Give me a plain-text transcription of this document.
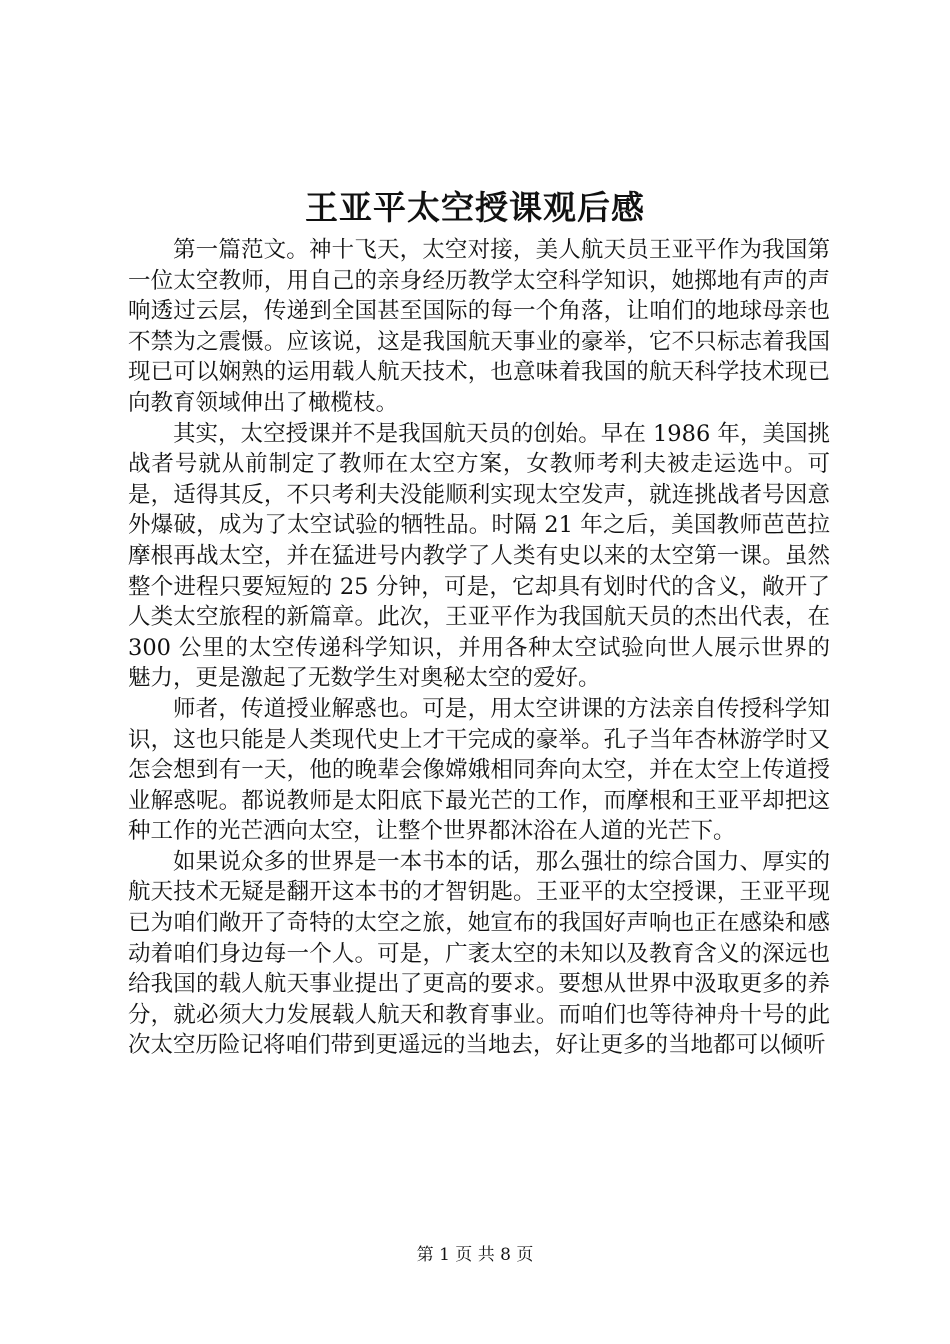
王亚平太空授课观后感

第一篇范文。神十飞天，太空对接，美人航天员王亚平作为我国第一位太空教师，用自己的亲身经历教学太空科学知识，她掷地有声的声响透过云层，传递到全国甚至国际的每一个角落，让咱们的地球母亲也不禁为之震慑。应该说，这是我国航天事业的豪举，它不只标志着我国现已可以娴熟的运用载人航天技术，也意味着我国的航天科学技术现已向教育领域伸出了橄榄枝。

其实，太空授课并不是我国航天员的创始。早在 1986 年，美国挑战者号就从前制定了教师在太空方案，女教师考利夫被走运选中。可是，适得其反，不只考利夫没能顺利实现太空发声，就连挑战者号因意外爆破，成为了太空试验的牺牲品。时隔 21 年之后，美国教师芭芭拉摩根再战太空，并在猛进号内教学了人类有史以来的太空第一课。虽然整个进程只要短短的 25 分钟，可是，它却具有划时代的含义，敞开了人类太空旅程的新篇章。此次，王亚平作为我国航天员的杰出代表，在 300 公里的太空传递科学知识，并用各种太空试验向世人展示世界的魅力，更是激起了无数学生对奥秘太空的爱好。

师者，传道授业解惑也。可是，用太空讲课的方法亲自传授科学知识，这也只能是人类现代史上才干完成的豪举。孔子当年杏林游学时又怎会想到有一天，他的晚辈会像嫦娥相同奔向太空，并在太空上传道授业解惑呢。都说教师是太阳底下最光芒的工作，而摩根和王亚平却把这种工作的光芒洒向太空，让整个世界都沐浴在人道的光芒下。

如果说众多的世界是一本书本的话，那么强壮的综合国力、厚实的航天技术无疑是翻开这本书的才智钥匙。王亚平的太空授课，王亚平现已为咱们敞开了奇特的太空之旅，她宣布的我国好声响也正在感染和感动着咱们身边每一个人。可是，广袤太空的未知以及教育含义的深远也给我国的载人航天事业提出了更高的要求。要想从世界中汲取更多的养分，就必须大力发展载人航天和教育事业。而咱们也等待神舟十号的此次太空历险记将咱们带到更遥远的当地去，好让更多的当地都可以倾听

第 1 页 共 8 页
